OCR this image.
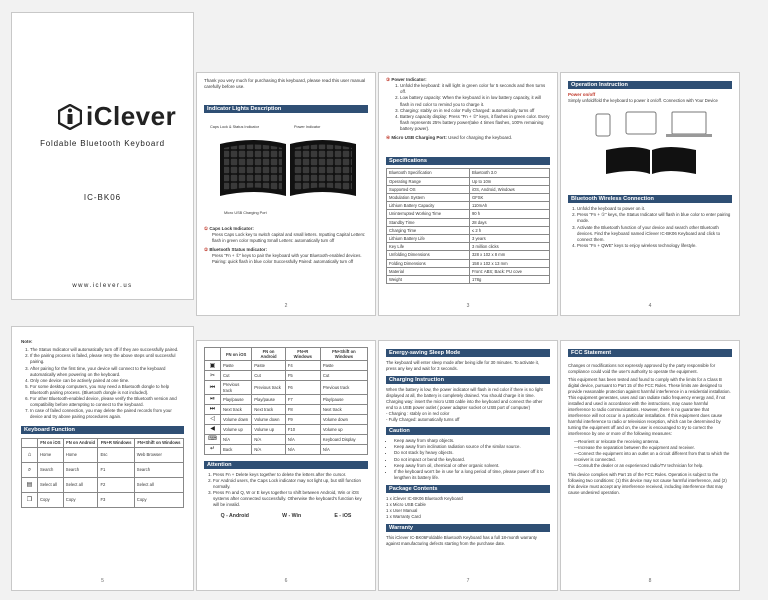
iClever
Foldable Bluetooth Keyboard
IC-BK06
www.iclever.us
Thank you very much for purchasing this keyboard, please read this user manual carefully before use.
Indicator Lights Description
Caps Lock & Status Indicator	Power Indicator
Micro USB Charging Port
① Caps Lock Indicator:
Press Caps Lock key to switch capital and small letters. Inputting Capital Letters: flash in green color Inputting Small Letters: automatically turn off
② Bluetooth Status Indicator:
Press "Fn + ①" keys to pair the keyboard with your Bluetooth-enabled devices.
Pairing: quick flash in blue color Successfully Paired: automatically turn off
2
③ Power Indicator:
1. Unfold the keyboard: it will light in green color for 5 seconds and then turns off.
2. Low battery capacity: When the keyboard is in low battery capacity, it will flash in red color to remind you to charge it.
3. Charging: stably on in red color Fully Charged: automatically turns off
4. Battery capacity display: Press "Fn + ②" keys, it flashes in green color. Every flash represents 25% battery power(take 4 times flashes, 100% remaining battery power).
④ Micro USB Charging Port: Used for charging the keyboard.
Specifications
Bluetooth Specification	Bluetooth 3.0
Operating Range	Up to 10m
Supported OS	iOS, Android, Windows
Modulation System	GFSK
Lithium Battery Capacity	110mAh
Uninterrupted Working Time	90 h
Standby Time	28 days
Charging Time	≤ 2 h
Lithium Battery Life	3 years
Key Life	3 million clicks
Unfolding Dimensions	328 x 102 x 8 mm
Folding Dimensions	158 x 102 x 13 mm
Material	Front: ABS; Back: PU cove
Weight	178g
3
Operation Instruction
Power on/off
Simply unfold/fold the keyboard to power it on/off. Connection with Your Device
Bluetooth Wireless Connection
1. Unfold the keyboard to power on it.
2. Press "Fn + ①" keys, the Status Indicator will flash in blue color to enter pairing mode.
3. Activate the Bluetooth function of your device and search other Bluetooth devices. Find the keyboard named iClever IC-BK06 Keyboard and click to connect them.
4. Press "Fn + QWE" keys to enjoy wireless technology lifestyle.
4
Note:
1. The Status Indicator will automatically turn off if they are successfully paired.
2. If the pairing process is failed, please retry the above steps until successful pairing.
3. After pairing for the first time, your device will connect to the keyboard automatically when powering on the keyboard.
4. Only one device can be actively paired at one time.
5. For some desktop computers, you may need a Bluetooth dongle to help Bluetooth pairing process. (Bluetooth dongle is not included).
6. For other Bluetooth-enabled device, please verify the Bluetooth version and compatibility before attempting to connect to the keyboard.
7. In case of failed connection, you may delete the paired records from your device and try above pairing procedures again.
Keyboard Function
	FN on iOS	FN on Android	FN+R Windows	FN+Shift on Windows
⌂	Home	Home	Esc	Web Browser
⌕	Search	Search	F1	Search
▤	Select all	Select all	F2	Select all
❐	Copy	Copy	F3	Copy
5
	FN on iOS	FN on Android	FN+R Windows	FN+Shift on Windows
▣	Paste	Paste	F4	Paste
✂	Cut	Cut	F5	Cut
⏮	Previous track	Previous track	F6	Previous track
⏯	Play/pause	Play/pause	F7	Play/pause
⏭	Next track	Next track	F8	Next track
◁	Volume down	Volume down	F9	Volume down
◀	Volume up	Volume up	F10	Volume up
⌨	N/A	N/A	N/A	Keyboard Display
↵	Back	N/A	N/A	N/A
Attention
1. Press Fn + Delete keys together to delete the letters after the cursor.
2. For Android users, the Caps Lock indicator may not light up, but still function normally.
3. Press Fn and Q, W or E keys together to shift between Android, Win or iOS systems after connected successfully. Otherwise the keyboard's function key will be invalid.
Q - Android	W - Win	E - iOS
6
Energy-saving Sleep Mode
The keyboard will enter sleep mode after being idle for 30 minutes. To activate it, press any key and wait for 3 seconds.
Charging Instruction
When the battery is low, the power indicator will flash in red color if there is no light displayed at all, the battery is completely drained. You should charge it in time. Charging way: insert the micro USB cable into the keyboard and connect the other end to a USB power outlet ( power adapter socket or USB port of computer)
- Charging : stably on in red color
- Fully Charged: automatically turns off
Caution
• Keep away from sharp objects.
• Keep away from inclination radiation source of the similar source.
• Do not stack by heavy objects.
• Do not impact or bend the keyboard.
• Keep away from oil, chemical or other organic solvent.
• If the keyboard won't be in use for a long period of time, please power off it to lengthen its battery life.
Package Contents
1 x iClever IC-BK06 Bluetooth Keyboard
1 x Micro USB Cable
1 x User Manual
1 x Warranty Card
Warranty
This iClever IC-BK06Foldable Bluetooth Keyboard has a full 18-month warranty against manufacturing defects starting from the purchase date.
7
FCC Statement
Changes or modifications not expressly approved by the party responsible for compliance could void the user's authority to operate the equipment.
This equipment has been tested and found to comply with the limits for a Class B digital device, pursuant to Part 15 of the FCC Rules. These limits are designed to provide reasonable protection against harmful interference in a residential installation. This equipment generates, uses and can radiate radio frequency energy and, if not installed and used in accordance with the instructions, may cause harmful interference to radio communications. However, there is no guarantee that interference will not occur in a particular installation. If this equipment does cause harmful interference to radio or television reception, which can be determined by turning the equipment off and on, the user is encouraged to try to correct the interference by one or more of the following measures:
—Reorient or relocate the receiving antenna.
—Increase the separation between the equipment and receiver.
—Connect the equipment into an outlet on a circuit different from that to which the receiver is connected.
—Consult the dealer or an experienced radio/TV technician for help.
This device complies with Part 15 of the FCC Rules. Operation is subject to the following two conditions: (1) this device may not cause harmful interference, and (2) this device must accept any interference received, including interference that may cause undesired operation.
8
